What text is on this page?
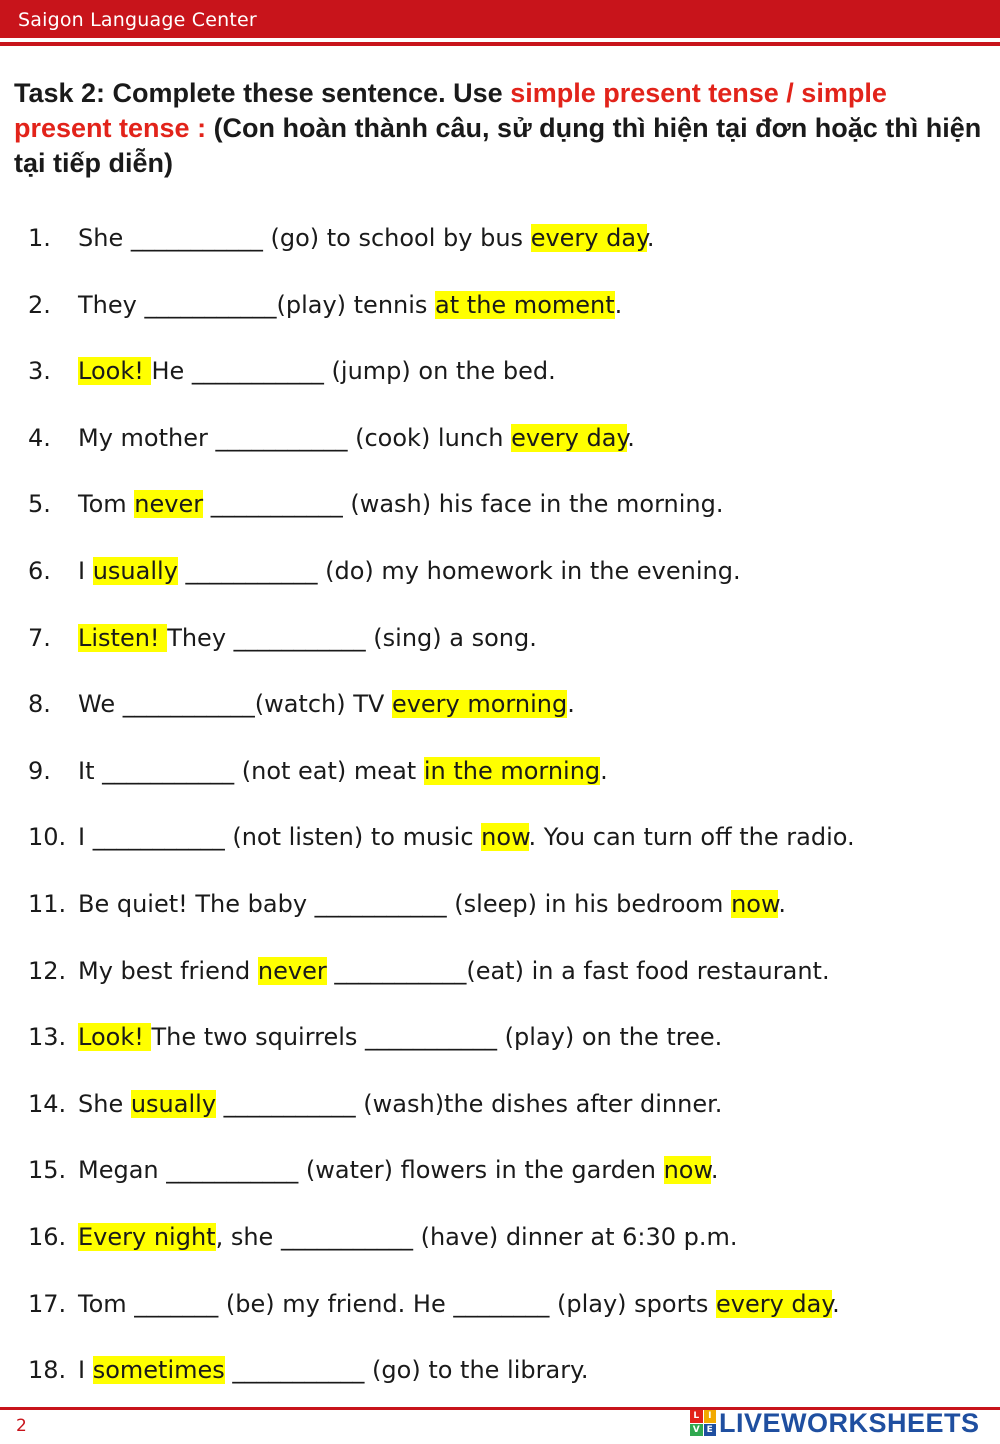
Saigon Language Center
Task 2: Complete these sentence. Use simple present tense / simple present tense : (Con hoàn thành câu, sử dụng thì hiện tại đơn hoặc thì hiện tại tiếp diễn)
1. She ___________ (go) to school by bus every day.
2. They ___________(play) tennis at the moment.
3. Look! He ___________ (jump) on the bed.
4. My mother ___________ (cook) lunch every day.
5. Tom never ___________ (wash) his face in the morning.
6. I usually ___________ (do) my homework in the evening.
7. Listen! They ___________ (sing) a song.
8. We ___________(watch) TV every morning.
9. It ___________ (not eat) meat in the morning.
10. I ___________ (not listen) to music now. You can turn off the radio.
11. Be quiet! The baby ___________ (sleep) in his bedroom now.
12. My best friend never ___________(eat) in a fast food restaurant.
13. Look! The two squirrels ___________ (play) on the tree.
14. She usually ___________ (wash)the dishes after dinner.
15. Megan ___________ (water) flowers in the garden now.
16. Every night, she ___________ (have) dinner at 6:30 p.m.
17. Tom _______ (be) my friend. He ________ (play) sports every day.
18. I sometimes ___________ (go) to the library.
2	L I
V E LIVEWORKSHEETS
